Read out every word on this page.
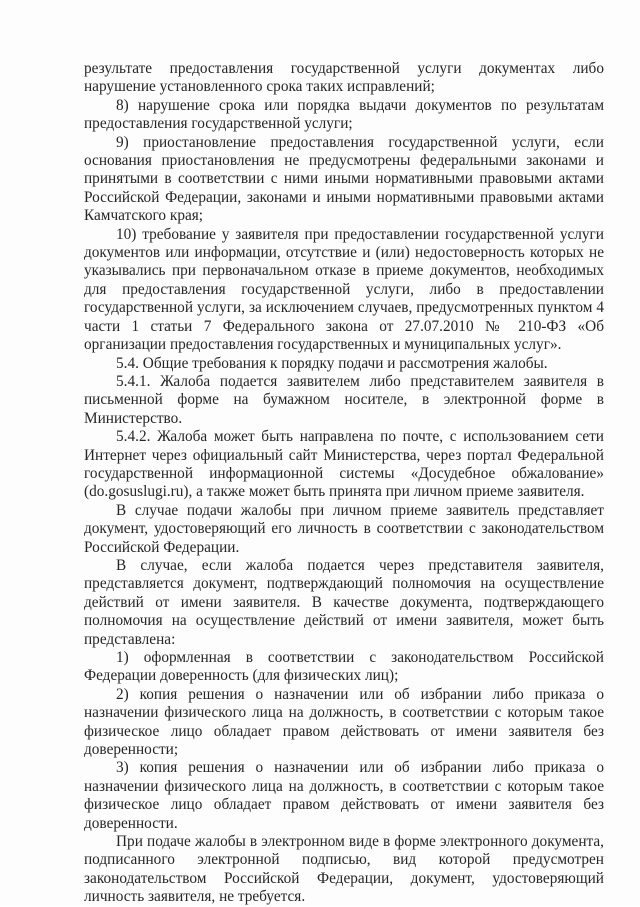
результате предоставления государственной услуги документах либо нарушение установленного срока таких исправлений;

8) нарушение срока или порядка выдачи документов по результатам предоставления государственной услуги;

9) приостановление предоставления государственной услуги, если основания приостановления не предусмотрены федеральными законами и принятыми в соответствии с ними иными нормативными правовыми актами Российской Федерации, законами и иными нормативными правовыми актами Камчатского края;

10) требование у заявителя при предоставлении государственной услуги документов или информации, отсутствие и (или) недостоверность которых не указывались при первоначальном отказе в приеме документов, необходимых для предоставления государственной услуги, либо в предоставлении государственной услуги, за исключением случаев, предусмотренных пунктом 4 части 1 статьи 7 Федерального закона от 27.07.2010 № 210-ФЗ «Об организации предоставления государственных и муниципальных услуг».

5.4. Общие требования к порядку подачи и рассмотрения жалобы.

5.4.1. Жалоба подается заявителем либо представителем заявителя в письменной форме на бумажном носителе, в электронной форме в Министерство.

5.4.2. Жалоба может быть направлена по почте, с использованием сети Интернет через официальный сайт Министерства, через портал Федеральной государственной информационной системы «Досудебное обжалование» (do.gosuslugi.ru), а также может быть принята при личном приеме заявителя.

В случае подачи жалобы при личном приеме заявитель представляет документ, удостоверяющий его личность в соответствии с законодательством Российской Федерации.

В случае, если жалоба подается через представителя заявителя, представляется документ, подтверждающий полномочия на осуществление действий от имени заявителя. В качестве документа, подтверждающего полномочия на осуществление действий от имени заявителя, может быть представлена:

1) оформленная в соответствии с законодательством Российской Федерации доверенность (для физических лиц);

2) копия решения о назначении или об избрании либо приказа о назначении физического лица на должность, в соответствии с которым такое физическое лицо обладает правом действовать от имени заявителя без доверенности;

3) копия решения о назначении или об избрании либо приказа о назначении физического лица на должность, в соответствии с которым такое физическое лицо обладает правом действовать от имени заявителя без доверенности.

При подаче жалобы в электронном виде в форме электронного документа, подписанного электронной подписью, вид которой предусмотрен законодательством Российской Федерации, документ, удостоверяющий личность заявителя, не требуется.
